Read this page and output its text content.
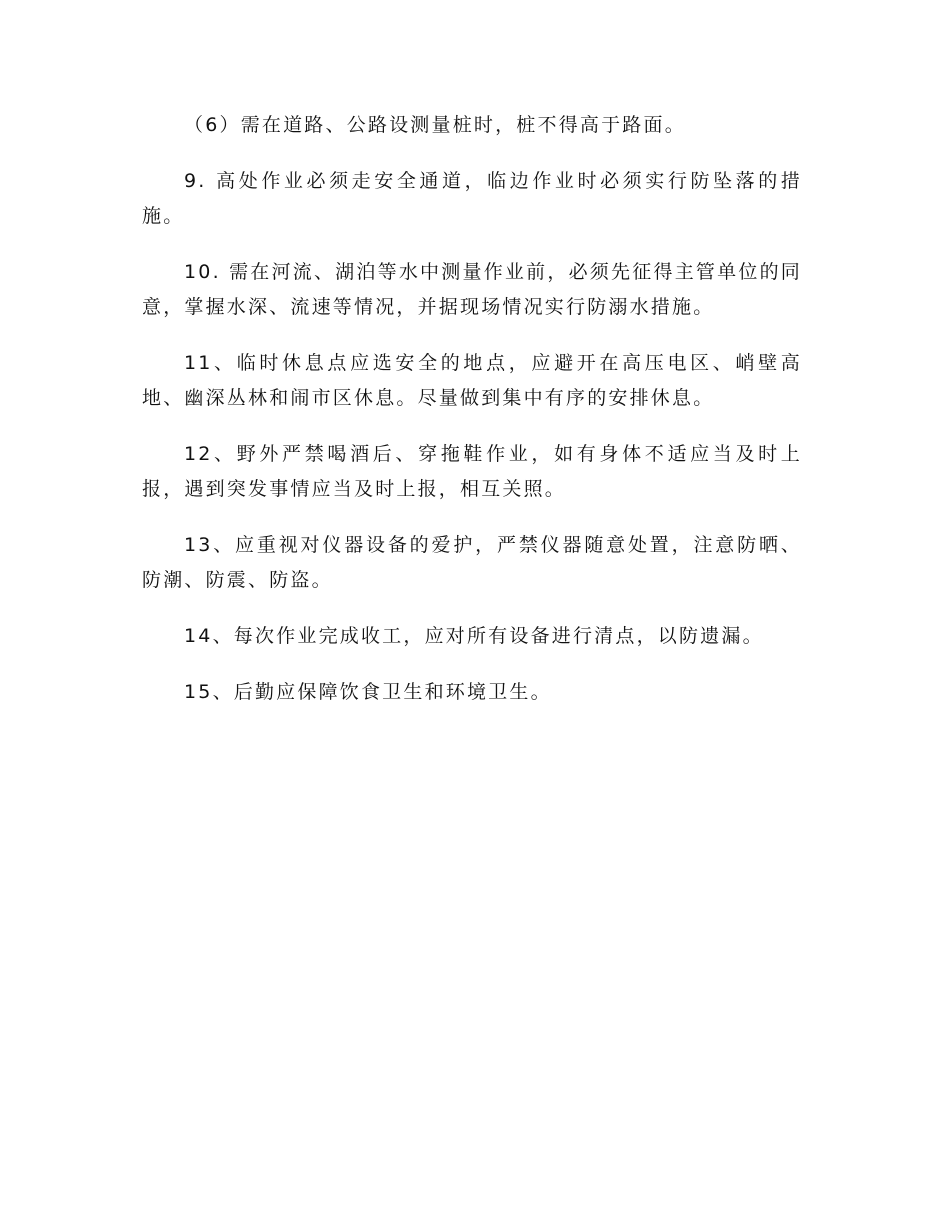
（6）需在道路、公路设测量桩时，桩不得高于路面。

9. 高处作业必须走安全通道，临边作业时必须实行防坠落的措施。

10. 需在河流、湖泊等水中测量作业前，必须先征得主管单位的同意，掌握水深、流速等情况，并据现场情况实行防溺水措施。

11、临时休息点应选安全的地点，应避开在高压电区、峭壁高地、幽深丛林和闹市区休息。尽量做到集中有序的安排休息。

12、野外严禁喝酒后、穿拖鞋作业，如有身体不适应当及时上报，遇到突发事情应当及时上报，相互关照。

13、应重视对仪器设备的爱护，严禁仪器随意处置，注意防晒、防潮、防震、防盗。

14、每次作业完成收工，应对所有设备进行清点，以防遗漏。

15、后勤应保障饮食卫生和环境卫生。
